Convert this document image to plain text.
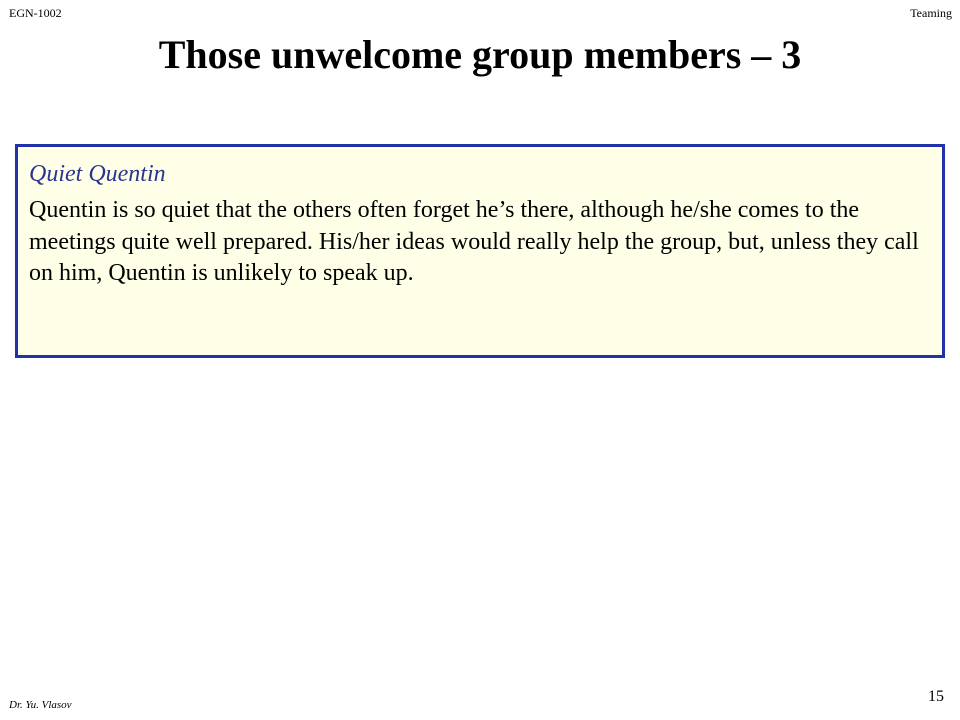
EGN-1002	Teaming
Those unwelcome group members – 3
Quiet Quentin

Quentin is so quiet that the others often forget he’s there, although he/she comes to the meetings quite well prepared. His/her ideas would really help the group, but, unless they call on him, Quentin is unlikely to speak up.

Dr. Yu. Vlasov	15
